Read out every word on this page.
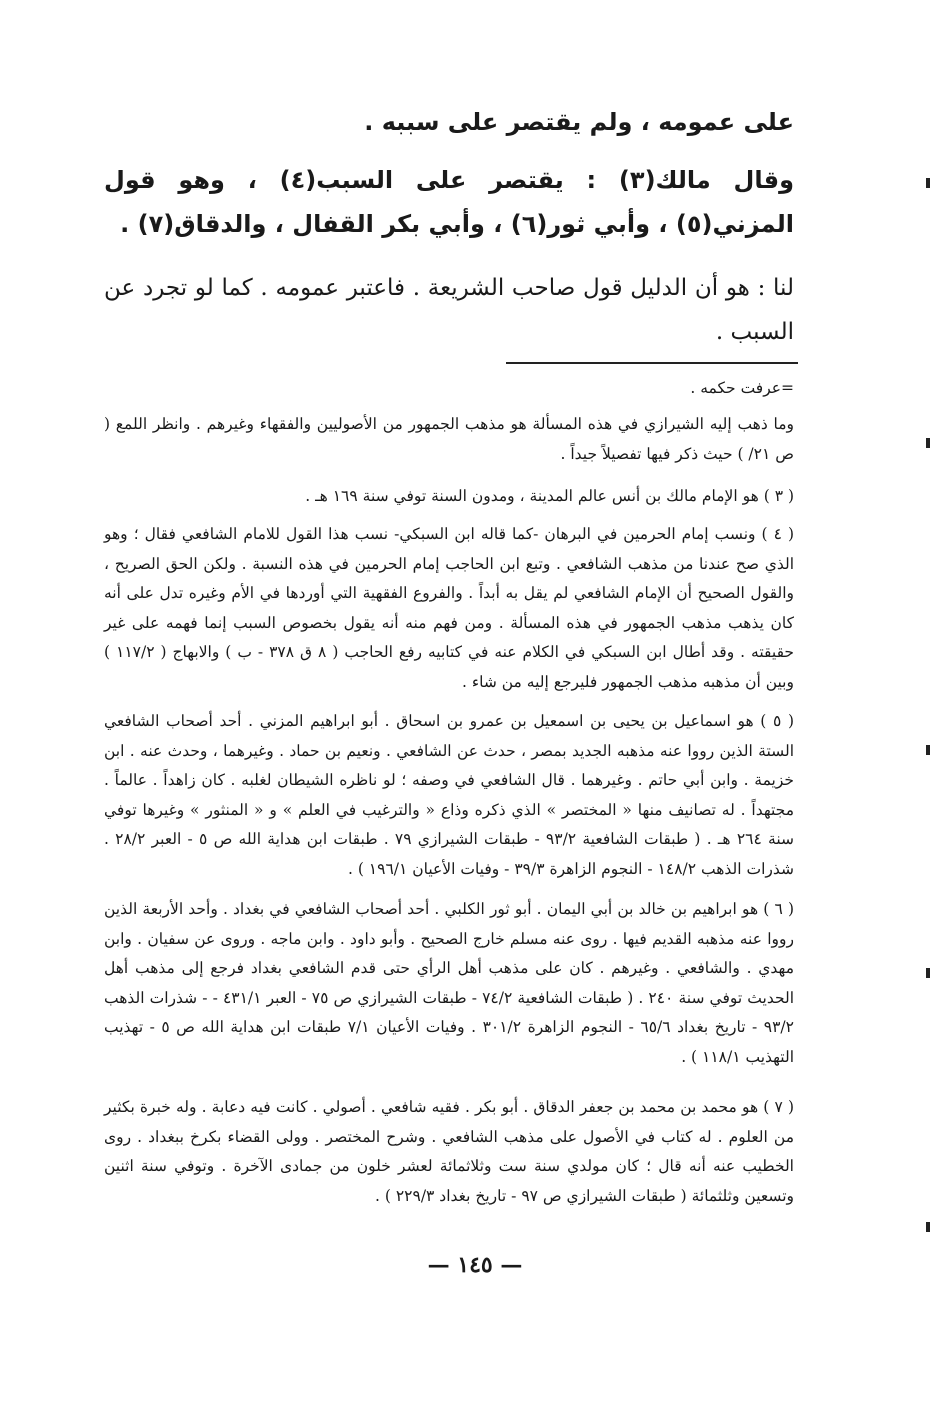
على عمومه ، ولم يقتصر على سببه .
وقال مالك(٣) : يقتصر على السبب(٤) ، وهو قول المزني(٥) ، وأبي ثور(٦) ، وأبي بكر القفال ، والدقاق(٧) .
لنا : هو أن الدليل قول صاحب الشريعة . فاعتبر عمومه . كما لو تجرد عن السبب .
=عرفت حكمه .
وما ذهب إليه الشيرازي في هذه المسألة هو مذهب الجمهور من الأصوليين والفقهاء وغيرهم . وانظر اللمع ( ص ٢١/ ) حيث ذكر فيها تفصيلاً جيداً .
( ٣ ) هو الإمام مالك بن أنس عالم المدينة ، ومدون السنة توفي سنة ١٦٩ هـ .
( ٤ ) ونسب إمام الحرمين في البرهان -كما قاله ابن السبكي- نسب هذا القول للامام الشافعي فقال ؛ وهو الذي صح عندنا من مذهب الشافعي . وتبع ابن الحاجب إمام الحرمين في هذه النسبة . ولكن الحق الصريح ، والقول الصحيح أن الإمام الشافعي لم يقل به أبداً . والفروع الفقهية التي أوردها في الأم وغيره تدل على أنه كان يذهب مذهب الجمهور في هذه المسألة . ومن فهم منه أنه يقول بخصوص السبب إنما فهمه على غير حقيقته . وقد أطال ابن السبكي في الكلام عنه في كتابيه رفع الحاجب ( ٨ ق ٣٧٨ - ب ) والابهاج ( ١١٧/٢ ) وبين أن مذهبه مذهب الجمهور فليرجع إليه من شاء .
( ٥ ) هو اسماعيل بن يحيى بن اسمعيل بن عمرو بن اسحاق . أبو ابراهيم المزني . أحد أصحاب الشافعي الستة الذين رووا عنه مذهبه الجديد بمصر ، حدث عن الشافعي . ونعيم بن حماد . وغيرهما ، وحدث عنه . ابن خزيمة . وابن أبي حاتم . وغيرهما . قال الشافعي في وصفه ؛ لو ناظره الشيطان لغلبه . كان زاهداً . عالماً . مجتهداً . له تصانيف منها « المختصر » الذي ذكره وذاع « والترغيب في العلم » و « المنثور » وغيرها توفي سنة ٢٦٤ هـ . ( طبقات الشافعية ٩٣/٢ - طبقات الشيرازي ٧٩ . طبقات ابن هداية الله ص ٥ - العبر ٢٨/٢ . شذرات الذهب ١٤٨/٢ - النجوم الزاهرة ٣٩/٣ - وفيات الأعيان ١٩٦/١ ) .
( ٦ ) هو ابراهيم بن خالد بن أبي اليمان . أبو ثور الكلبي . أحد أصحاب الشافعي في بغداد . وأحد الأربعة الذين رووا عنه مذهبه القديم فيها . روى عنه مسلم خارج الصحيح . وأبو داود . وابن ماجه . وروى عن سفيان . وابن مهدي . والشافعي . وغيرهم . كان على مذهب أهل الرأي حتى قدم الشافعي بغداد فرجع إلى مذهب أهل الحديث توفي سنة ٢٤٠ . ( طبقات الشافعية ٧٤/٢ - طبقات الشيرازي ص ٧٥ - العبر ٤٣١/١ - - شذرات الذهب ٩٣/٢ - تاريخ بغداد ٦٥/٦ - النجوم الزاهرة ٣٠١/٢ . وفيات الأعيان ٧/١ طبقات ابن هداية الله ص ٥ - تهذيب التهذيب ١١٨/١ ) .
( ٧ ) هو محمد بن محمد بن جعفر الدقاق . أبو بكر . فقيه شافعي . أصولي . كانت فيه دعابة . وله خبرة بكثير من العلوم . له كتاب في الأصول على مذهب الشافعي . وشرح المختصر . وولى القضاء بكرخ ببغداد . روى الخطيب عنه أنه قال ؛ كان مولدي سنة ست وثلاثمائة لعشر خلون من جمادى الآخرة . وتوفي سنة اثنين وتسعين وثلثمائة ( طبقات الشيرازي ص ٩٧ - تاريخ بغداد ٢٢٩/٣ ) .
— ١٤٥ —
